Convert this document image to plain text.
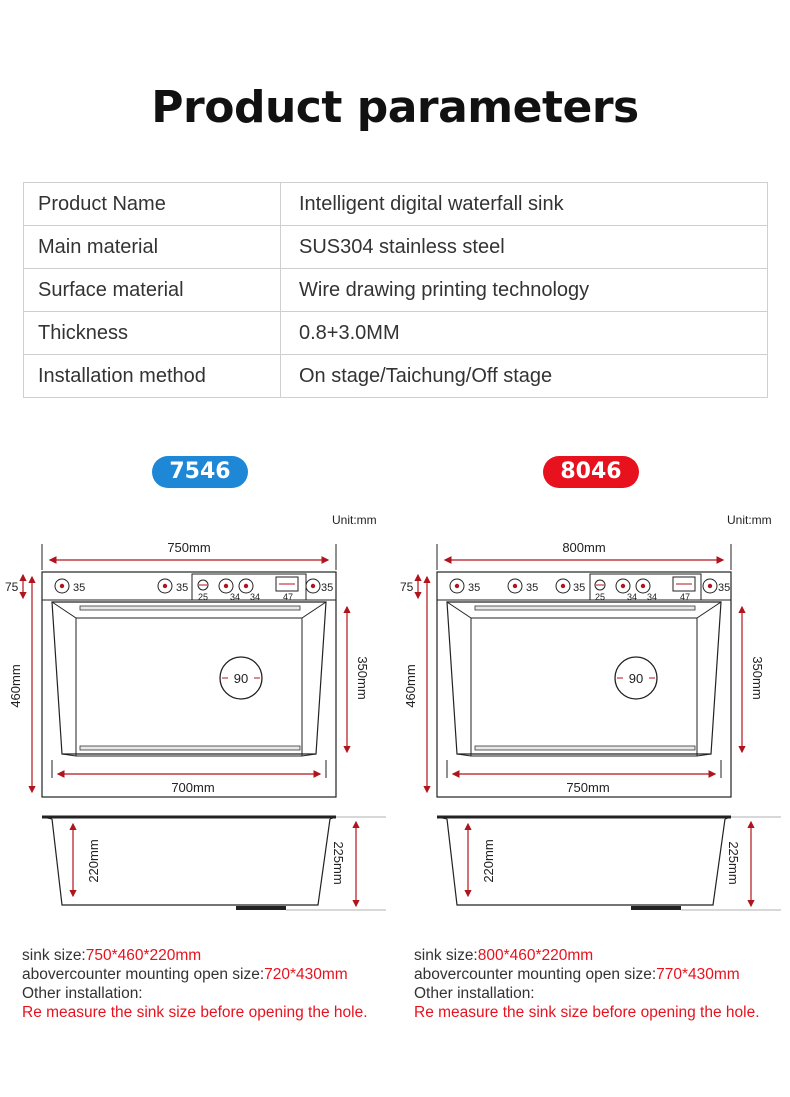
Product parameters
Product Name	Intelligent digital waterfall sink
Main material	SUS304 stainless steel
Surface material	Wire drawing printing technology
Thickness	0.8+3.0MM
Installation method	On stage/Taichung/Off stage
7546	8046
Unit:mm	Unit:mm
750mm
75
460mm
35	35
25 34 34	47
35
90	350mm
700mm
220mm	225mm
800mm
75
460mm
35	35	35
25 34 34	47
35
90	350mm
750mm
220mm	225mm
sink size:750*460*220mm
abovercounter mounting open size:720*430mm
Other installation:
Re measure the sink size before opening the hole.
sink size:800*460*220mm
abovercounter mounting open size:770*430mm
Other installation:
Re measure the sink size before opening the hole.
